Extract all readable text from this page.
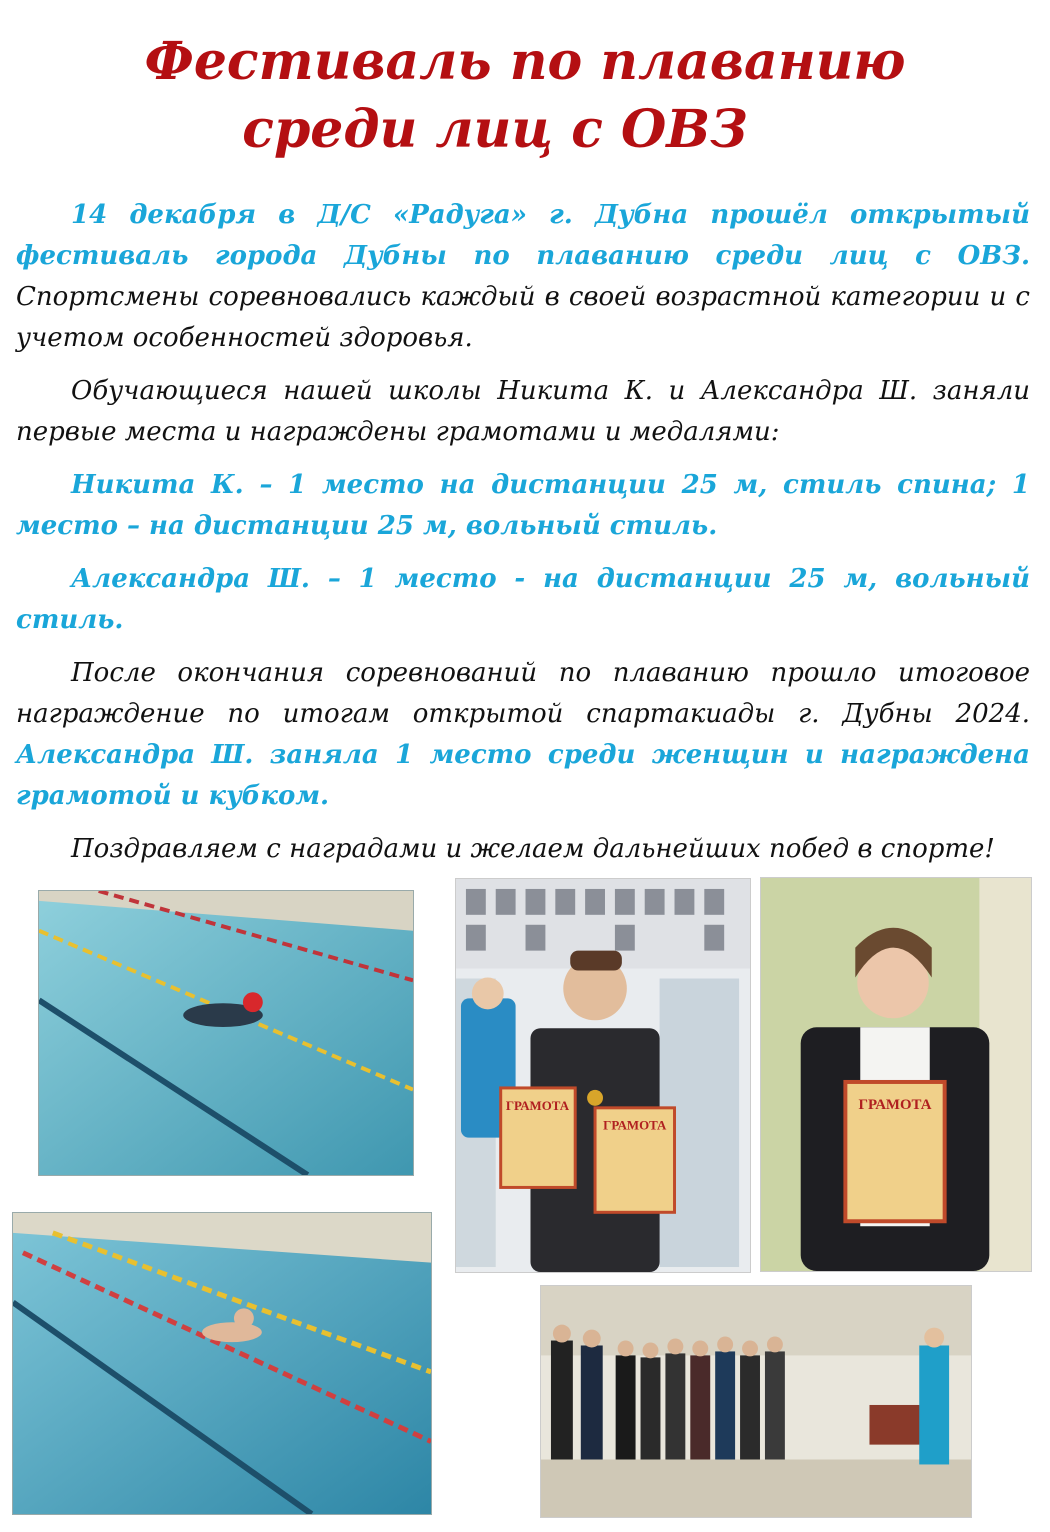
Фестиваль по плаванию

среди лиц с ОВЗ

14 декабря в Д/С «Радуга» г. Дубна прошёл открытый фестиваль города Дубны по плаванию среди лиц с ОВЗ. Спортсмены соревновались каждый в своей возрастной категории и с учетом особенностей здоровья.

Обучающиеся нашей школы Никита К. и Александра Ш. заняли первые места и награждены грамотами и медалями:

Никита К. – 1 место на дистанции 25 м, стиль спина; 1 место – на дистанции 25 м, вольный стиль.

Александра Ш. – 1 место - на дистанции 25 м, вольный стиль.

После окончания соревнований по плаванию прошло итоговое награждение по итогам открытой спартакиады г. Дубны 2024. Александра Ш. заняла 1 место среди женщин и награждена грамотой и кубком.

Поздравляем с наградами и желаем дальнейших побед в спорте!

ГРАМОТА
ГРАМОТА
ГРАМОТА
